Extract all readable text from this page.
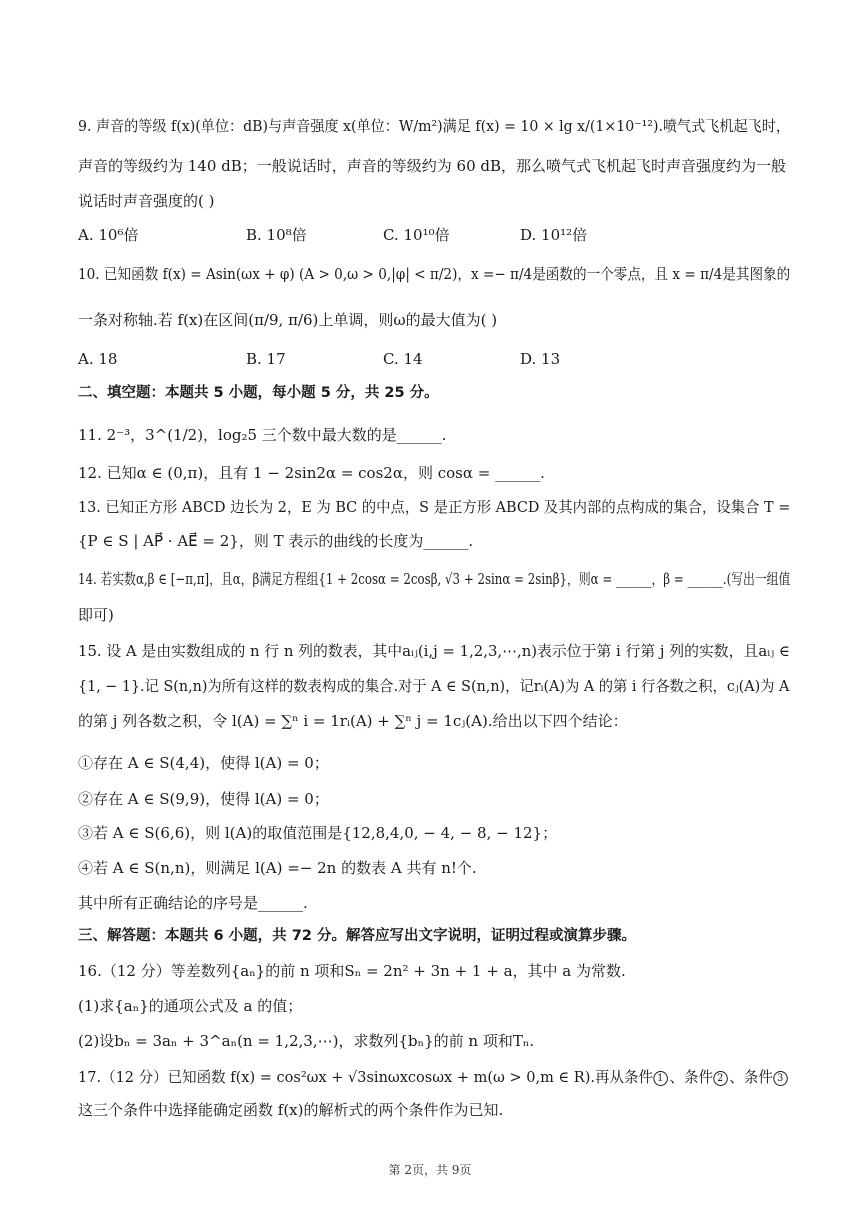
9. 声音的等级 f(x)(单位：dB)与声音强度 x(单位：W/m²)满足 f(x) = 10 × lg x/(1×10⁻¹²).喷气式飞机起飞时，
声音的等级约为 140 dB；一般说话时，声音的等级约为 60 dB，那么喷气式飞机起飞时声音强度约为一般
说话时声音强度的( )
A. 10⁶倍	B. 10⁸倍	C. 10¹⁰倍	D. 10¹²倍
10. 已知函数 f(x) = Asin(ωx + φ) (A > 0,ω > 0,|φ| < π/2)，x =− π/4是函数的一个零点，且 x = π/4是其图象的
一条对称轴.若 f(x)在区间(π/9, π/6)上单调，则ω的最大值为( )
A. 18	B. 17	C. 14	D. 13
二、填空题：本题共 5 小题，每小题 5 分，共 25 分。
11. 2⁻³，3^(1/2)，log₂5 三个数中最大数的是______.
12. 已知α ∈ (0,π)，且有 1 − 2sin2α = cos2α，则 cosα = ______.
13. 已知正方形 ABCD 边长为 2，E 为 BC 的中点，S 是正方形 ABCD 及其内部的点构成的集合，设集合 T =
{P ∈ S | AP⃗ · AE⃗ = 2}，则 T 表示的曲线的长度为______.
14. 若实数α,β ∈ [−π,π]，且α，β满足方程组{1 + 2cosα = 2cosβ, √3 + 2sinα = 2sinβ}，则α = ______，β = ______.(写出一组值
即可)
15. 设 A 是由实数组成的 n 行 n 列的数表，其中aᵢⱼ(i,j = 1,2,3,⋯,n)表示位于第 i 行第 j 列的实数，且aᵢⱼ ∈
{1, − 1}.记 S(n,n)为所有这样的数表构成的集合.对于 A ∈ S(n,n)，记rᵢ(A)为 A 的第 i 行各数之积，cⱼ(A)为 A
的第 j 列各数之积，令 l(A) = ∑ⁿ i = 1rᵢ(A) + ∑ⁿ j = 1cⱼ(A).给出以下四个结论：
①存在 A ∈ S(4,4)，使得 l(A) = 0；
②存在 A ∈ S(9,9)，使得 l(A) = 0；
③若 A ∈ S(6,6)，则 l(A)的取值范围是{12,8,4,0, − 4, − 8, − 12}；
④若 A ∈ S(n,n)，则满足 l(A) =− 2n 的数表 A 共有 n!个.
其中所有正确结论的序号是______.
三、解答题：本题共 6 小题，共 72 分。解答应写出文字说明，证明过程或演算步骤。
16.（12 分）等差数列{aₙ}的前 n 项和Sₙ = 2n² + 3n + 1 + a，其中 a 为常数.
(1)求{aₙ}的通项公式及 a 的值；
(2)设bₙ = 3aₙ + 3^aₙ(n = 1,2,3,⋯)，求数列{bₙ}的前 n 项和Tₙ.
17.（12 分）已知函数 f(x) = cos²ωx + √3sinωxcosωx + m(ω > 0,m ∈ R).再从条件 1 、条件 2 、条件 3
这三个条件中选择能确定函数 f(x)的解析式的两个条件作为已知.
第 2页，共 9页
